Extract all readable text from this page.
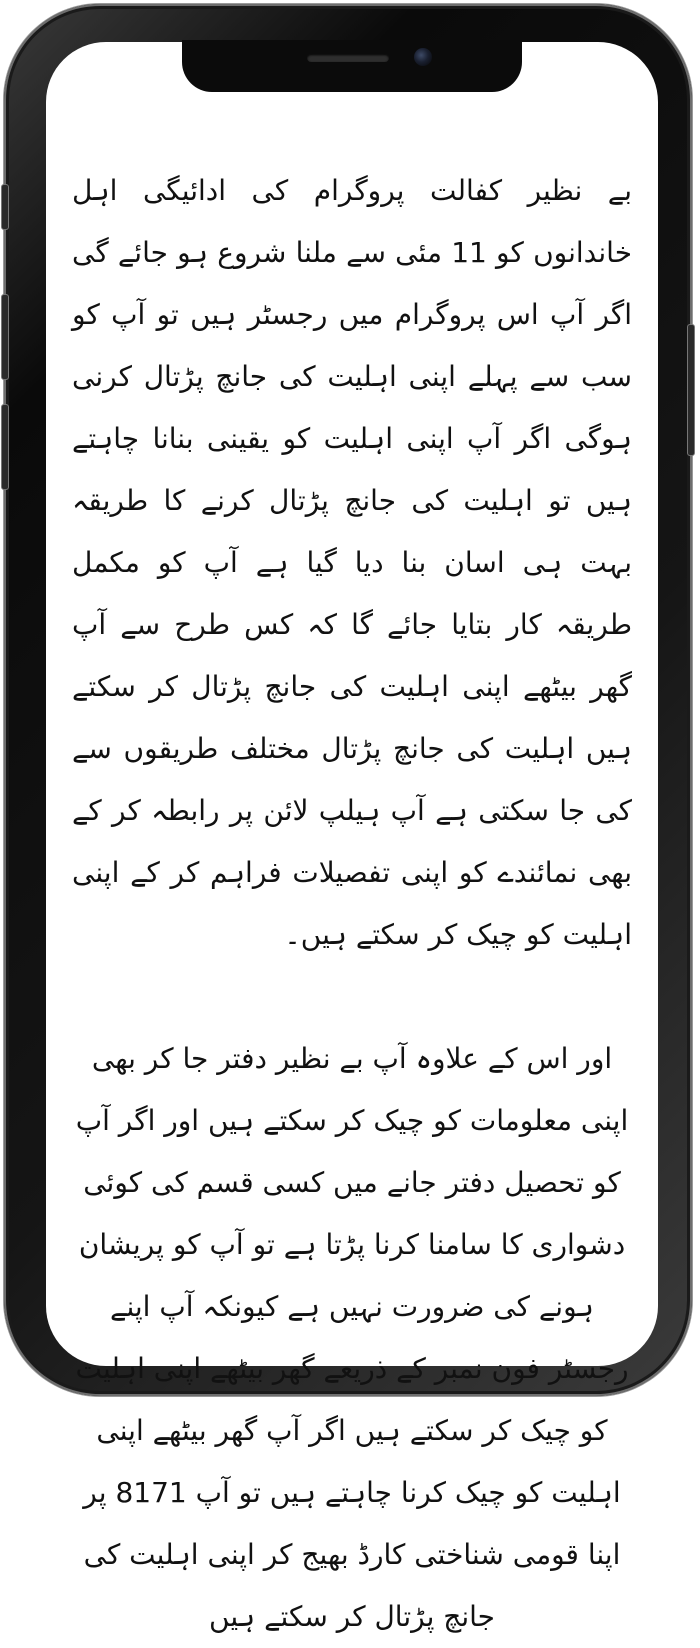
بے نظیر کفالت پروگرام کی ادائیگی اہل خاندانوں کو 11 مئی سے ملنا شروع ہو جائے گی اگر آپ اس پروگرام میں رجسٹر ہیں تو آپ کو سب سے پہلے اپنی اہلیت کی جانچ پڑتال کرنی ہوگی اگر آپ اپنی اہلیت کو یقینی بنانا چاہتے ہیں تو اہلیت کی جانچ پڑتال کرنے کا طریقہ بہت ہی اسان بنا دیا گیا ہے آپ کو مکمل طریقہ کار بتایا جائے گا کہ کس طرح سے آپ گھر بیٹھے اپنی اہلیت کی جانچ پڑتال کر سکتے ہیں اہلیت کی جانچ پڑتال مختلف طریقوں سے کی جا سکتی ہے آپ ہیلپ لائن پر رابطہ کر کے بھی نمائندے کو اپنی تفصیلات فراہم کر کے اپنی اہلیت کو چیک کر سکتے ہیں۔

اور اس کے علاوہ آپ بے نظیر دفتر جا کر بھی اپنی معلومات کو چیک کر سکتے ہیں اور اگر آپ کو تحصیل دفتر جانے میں کسی قسم کی کوئی دشواری کا سامنا کرنا پڑتا ہے تو آپ کو پریشان ہونے کی ضرورت نہیں ہے کیونکہ آپ اپنے رجسٹر فون نمبر کے ذریعے گھر بیٹھے اپنی اہلیت کو چیک کر سکتے ہیں اگر آپ گھر بیٹھے اپنی اہلیت کو چیک کرنا چاہتے ہیں تو آپ 8171 پر اپنا قومی شناختی کارڈ بھیج کر اپنی اہلیت کی جانچ پڑتال کر سکتے ہیں
